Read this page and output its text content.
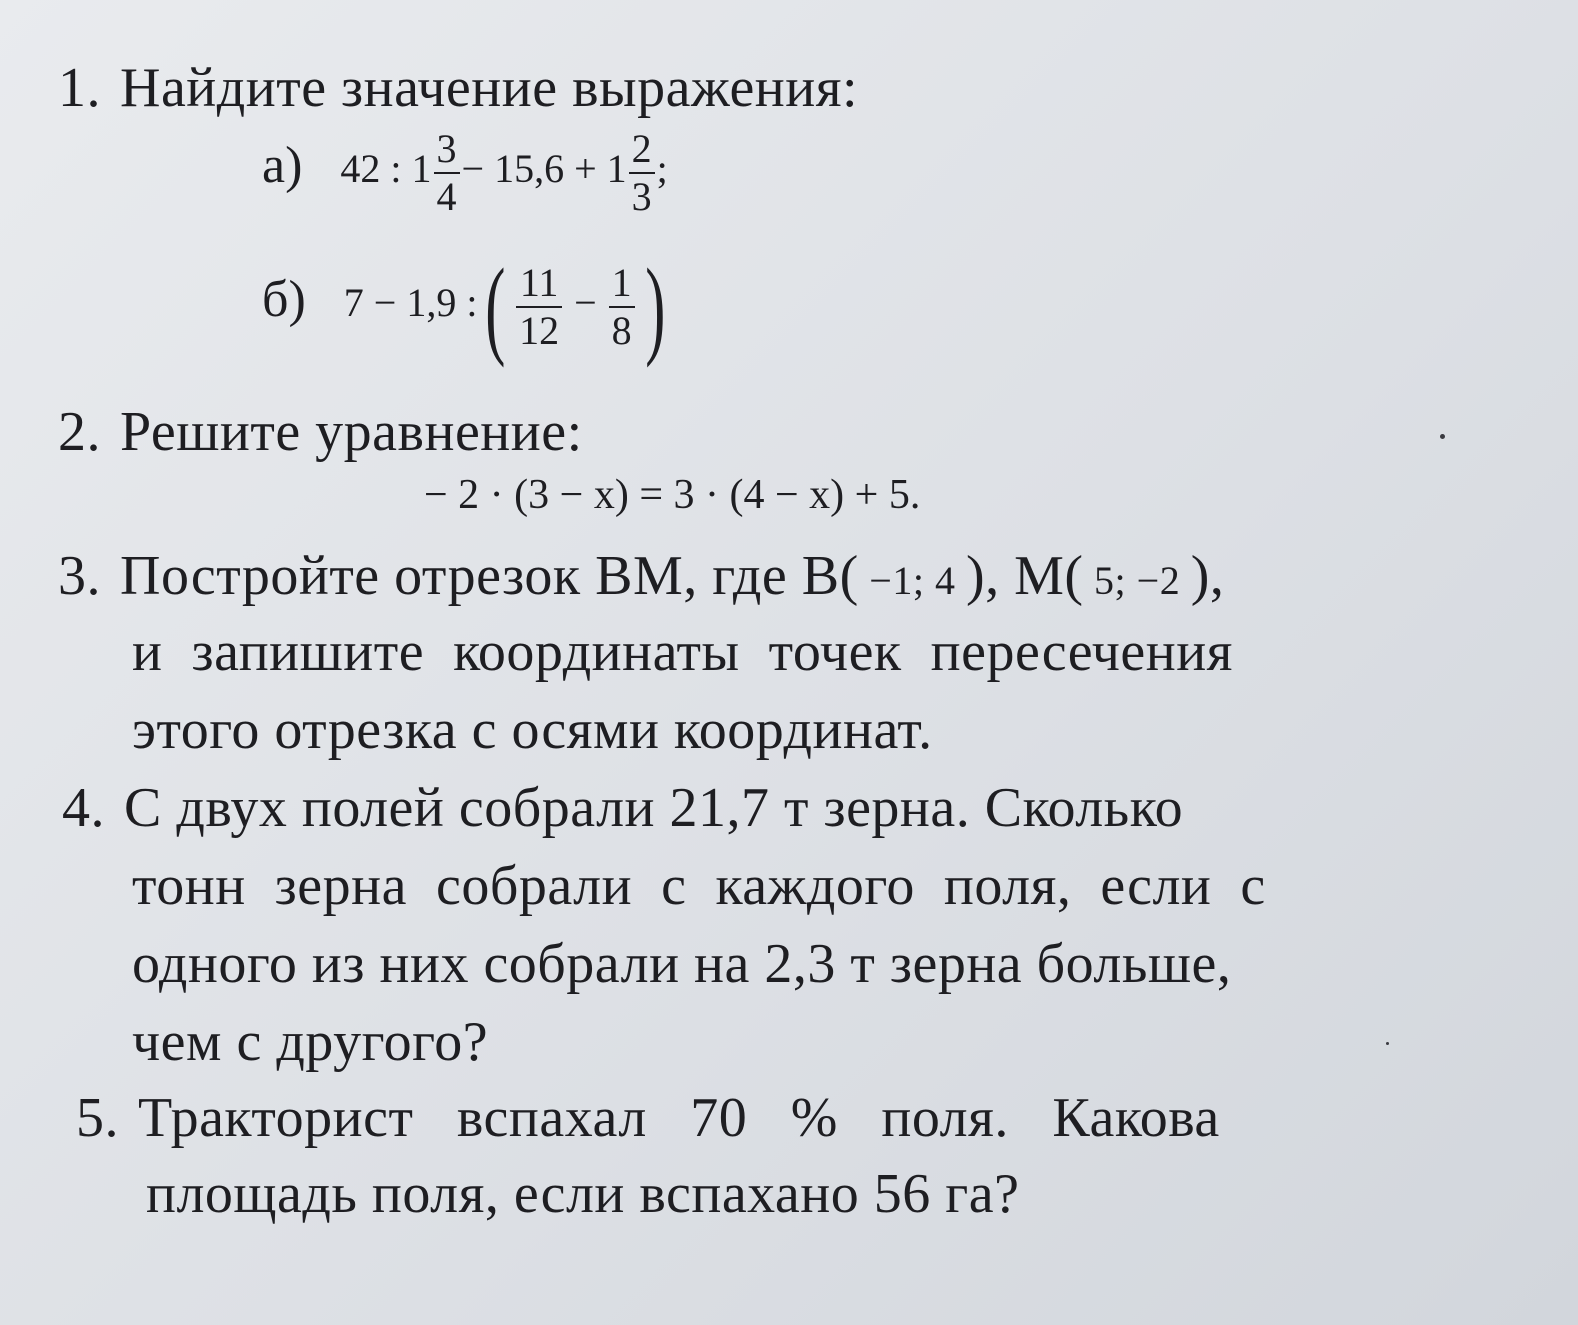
1. Найдите значение выражения:
а) 42 : $1 \frac{3}{4} - 15,6 + 1 \frac{2}{3}$ ;
б) 7 − 1,9 :( $\frac{11}{12} - \frac{1}{8}$ )
2. Решите уравнение:
− 2 · (3 − x) = 3 · (4 − x) + 5.
3. Постройте отрезок BM, где B( −1; 4 ), M( 5; −2 ),
и  запишите  координаты  точек  пересечения
этого отрезка с осями координат.
4. С двух полей собрали 21,7 т зерна. Сколько
тонн  зерна  собрали  с  каждого  поля,  если  с
одного из них собрали на 2,3 т зерна больше,
чем с другого?
5. Тракторист   вспахал   70   %   поля.   Какова
площадь поля, если вспахано 56 га?
